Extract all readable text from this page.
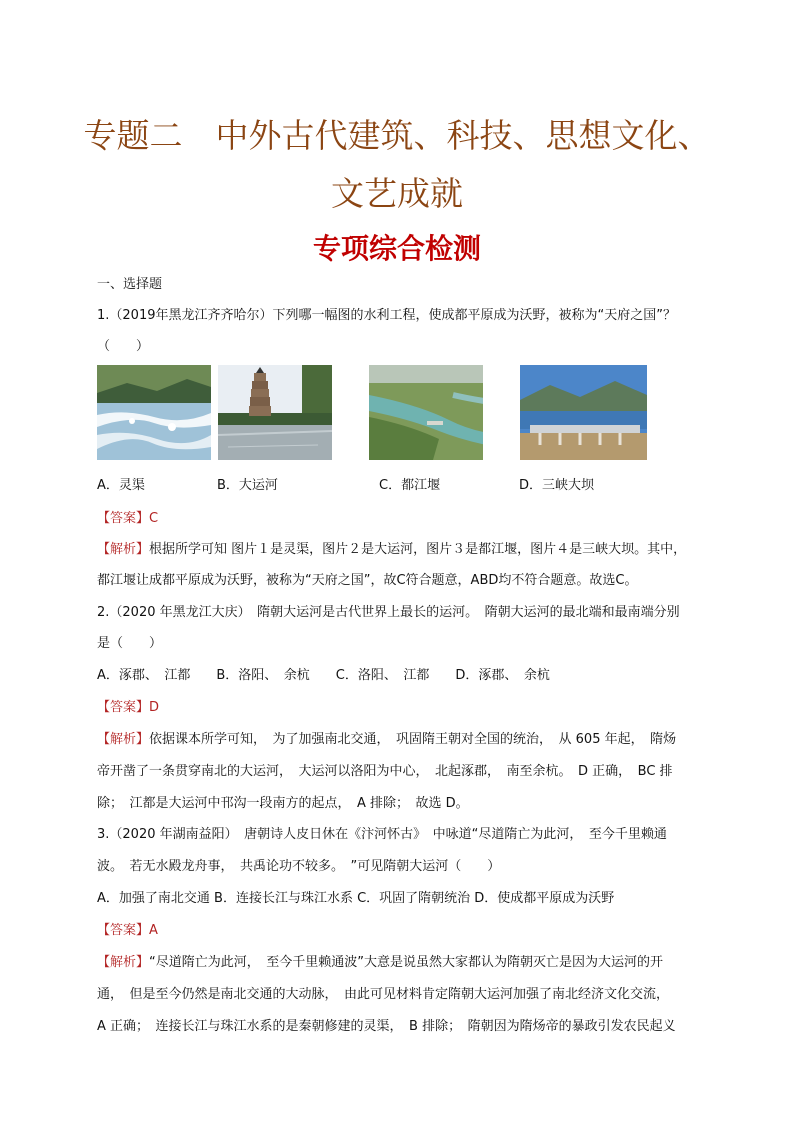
专题二　中外古代建筑、科技、思想文化、
文艺成就
专项综合检测
一、选择题
1.（2019年黑龙江齐齐哈尔）下列哪一幅图的水利工程，使成都平原成为沃野，被称为“天府之国”？
（　　）
A．灵渠	B．大运河	C．都江堰	D．三峡大坝
【答案】C
【解析】根据所学可知 图片１是灵渠，图片２是大运河，图片３是都江堰，图片４是三峡大坝。其中，
都江堰让成都平原成为沃野，被称为“天府之国”，故C符合题意，ABD均不符合题意。故选C。
2.（2020 年黑龙江大庆）　隋朝大运河是古代世界上最长的运河。　隋朝大运河的最北端和最南端分别
是（　　）
A．涿郡、　江都　　B．洛阳、　余杭　　C．洛阳、　江都　　D．涿郡、　余杭
【答案】D
【解析】依据课本所学可知，　为了加强南北交通，　巩固隋王朝对全国的统治，　从 605 年起，　隋炀
帝开凿了一条贯穿南北的大运河，　大运河以洛阳为中心，　北起涿郡，　南至余杭。　D 正确，　BC 排
除；　江都是大运河中邗沟一段南方的起点，　A 排除；　故选 D。
3.（2020 年湖南益阳）　唐朝诗人皮日休在《汴河怀古》　中咏道“尽道隋亡为此河，　至今千里赖通
波。　若无水殿龙舟事，　共禹论功不较多。　”可见隋朝大运河（　　）
A．加强了南北交通 B．连接长江与珠江水系 C．巩固了隋朝统治 D．使成都平原成为沃野
【答案】A
【解析】“尽道隋亡为此河，　至今千里赖通波”大意是说虽然大家都认为隋朝灭亡是因为大运河的开
通，　但是至今仍然是南北交通的大动脉，　由此可见材料肯定隋朝大运河加强了南北经济文化交流，
A 正确；　连接长江与珠江水系的是秦朝修建的灵渠，　B 排除；　隋朝因为隋炀帝的暴政引发农民起义
